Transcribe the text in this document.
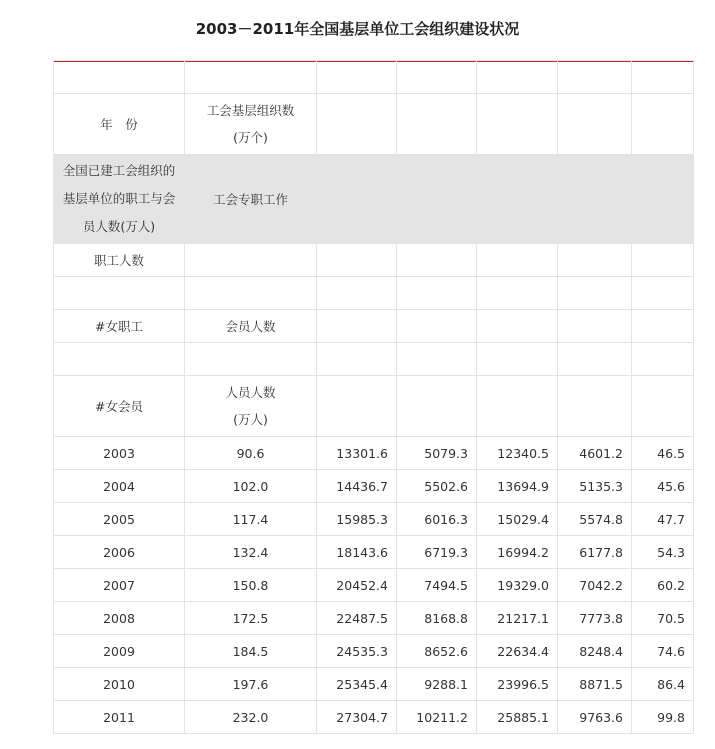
2003－2011年全国基层单位工会组织建设状况

年　份	工会基层组织数
(万个)					

全国已建工会组织的基层单位的职工与会员人数(万人)	工会专职工作					
职工人数						

#女职工	会员人数					

#女会员	人员人数
(万人)					

2003	90.6	13301.6	5079.3	12340.5	4601.2	46.5
2004	102.0	14436.7	5502.6	13694.9	5135.3	45.6
2005	117.4	15985.3	6016.3	15029.4	5574.8	47.7
2006	132.4	18143.6	6719.3	16994.2	6177.8	54.3
2007	150.8	20452.4	7494.5	19329.0	7042.2	60.2
2008	172.5	22487.5	8168.8	21217.1	7773.8	70.5
2009	184.5	24535.3	8652.6	22634.4	8248.4	74.6
2010	197.6	25345.4	9288.1	23996.5	8871.5	86.4
2011	232.0	27304.7	10211.2	25885.1	9763.6	99.8
